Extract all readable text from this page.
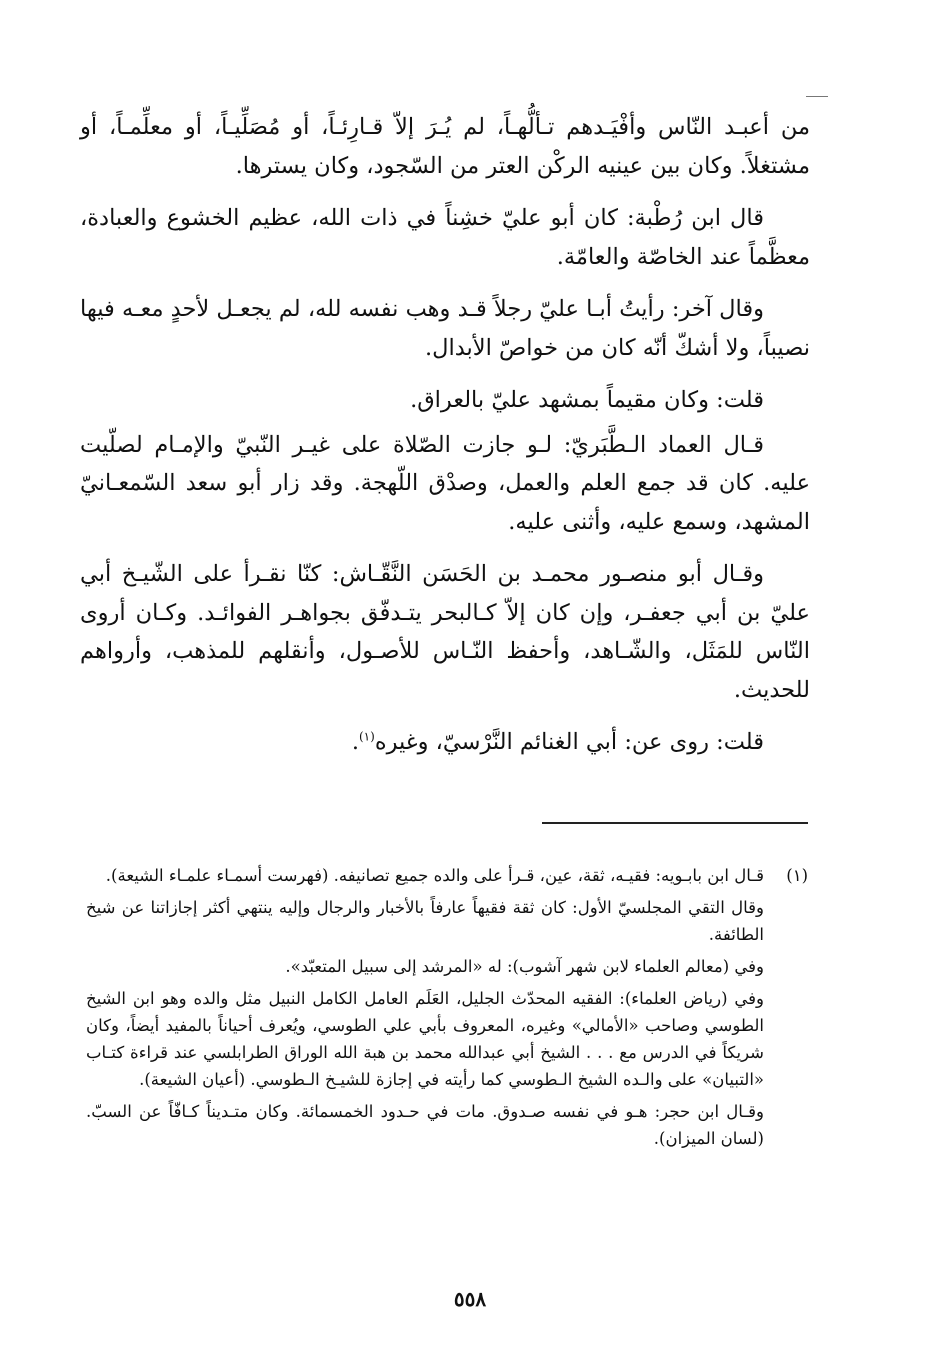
من أعبـد النّاس وأفْيَـدهم تـألُّهـاً، لم يُـرَ إلاّ قـارِئـاً، أو مُصَلِّيـاً، أو معلِّمـاً، أو مشتغلاً. وكان بين عينيه الركْن العتر من السّجود، وكان يسترها.

قال ابن رُطْبة: كان أبو عليّ خشِناً في ذات الله، عظيم الخشوع والعبادة، معظَّماً عند الخاصّة والعامّة.

وقال آخر: رأيتُ أبـا عليّ رجلاً قـد وهب نفسه لله، لم يجعـل لأحدٍ معـه فيها نصيباً، ولا أشكّ أنّه كان من خواصّ الأبدال.

قلت: وكان مقيماً بمشهد عليّ بالعراق.

قـال العماد الـطَّبَريّ: لـو جازت الصّلاة على غيـر النّبيّ والإمـام لصلّيت عليه. كان قد جمع العلم والعمل، وصدْق اللّهجة. وقد زار أبو سعد السّمعـانيّ المشهد، وسمع عليه، وأثنى عليه.

وقـال أبو منصـور محمـد بن الحَسَن النَّقّـاش: كنّا نقـرأ على الشّيـخ أبي عليّ بن أبي جعفـر، وإن كان إلاّ كـالبحر يتـدفّق بجواهـر الفوائـد. وكـان أروى النّاس للمَثَل، والشّـاهد، وأحفظ النّـاس للأصـول، وأنقلهم للمذهب، وأرواهم للحديث.

قلت: روى عن: أبي الغنائم النَّرْسيّ، وغيره$^{(١)}$.

(١)

قـال ابن بابـويه: فقيـه، ثقة، عين، قـرأ على والده جميع تصانيفه. (فهرست أسمـاء علمـاء الشيعة).

وقال التقي المجلسيّ الأول: كان ثقة فقيهاً عارفاً بالأخبار والرجال وإليه ينتهي أكثر إجازاتنا عن شيخ الطائفة.

وفي (معالم العلماء لابن شهر آشوب): له «المرشد إلى سبيل المتعبّد».

وفي (رياض العلماء): الفقيه المحدّث الجليل، العَلَم العامل الكامل النبيل مثل والده وهو ابن الشيخ الطوسي وصاحب «الأمالي» وغيره، المعروف بأبي علي الطوسي، ويُعرف أحياناً بالمفيد أيضاً، وكان شريكاً في الدرس مع . . . الشيخ أبي عبدالله محمد بن هبة الله الوراق الطرابلسي عند قراءة كتـاب «التبيان» على والـده الشيخ الـطوسي كما رأيته في إجازة للشيـخ الـطوسي. (أعيان الشيعة).

وقـال ابن حجر: هـو في نفسه صـدوق. مات في حـدود الخمسمائة. وكان متـديناً كـافّاً عن السبّ. (لسان الميزان).

٥٥٨
